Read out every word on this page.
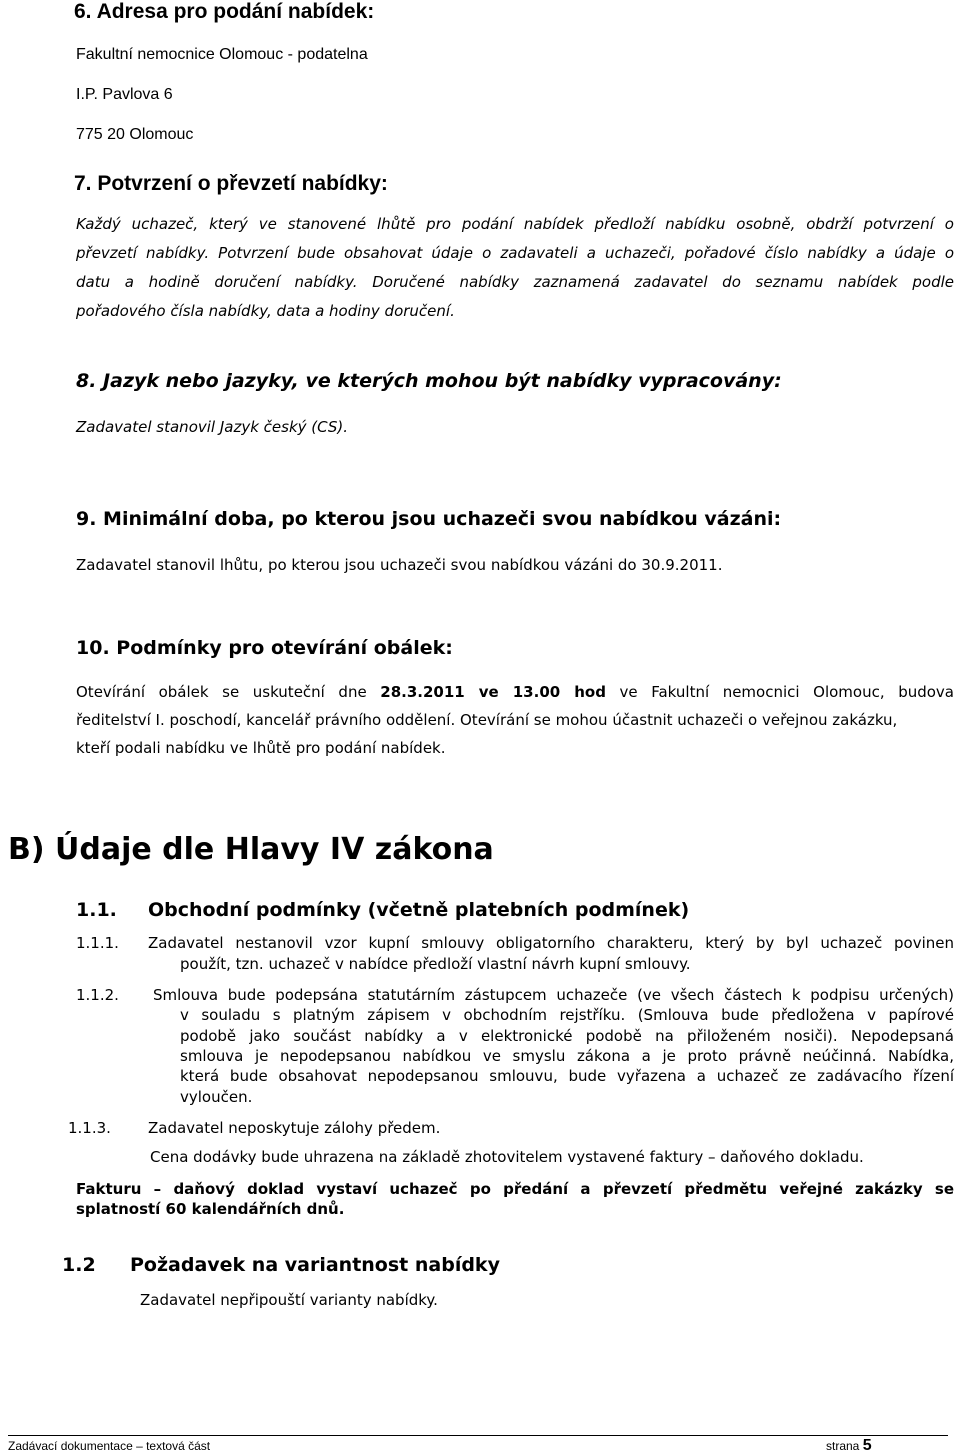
6. Adresa pro podání nabídek:
Fakultní nemocnice Olomouc - podatelna
I.P. Pavlova 6
775 20 Olomouc
7. Potvrzení o převzetí nabídky:
Každý uchazeč, který ve stanovené lhůtě pro podání nabídek předloží nabídku osobně, obdrží potvrzení o
převzetí nabídky. Potvrzení bude obsahovat údaje o zadavateli a uchazeči, pořadové číslo nabídky a údaje o
datu a hodině doručení nabídky. Doručené nabídky zaznamená zadavatel do seznamu nabídek podle
pořadového čísla nabídky, data a hodiny doručení.
8. Jazyk nebo jazyky, ve kterých mohou být nabídky vypracovány:
Zadavatel stanovil Jazyk český (CS).
9. Minimální doba, po kterou jsou uchazeči svou nabídkou vázáni:
Zadavatel stanovil lhůtu, po kterou jsou uchazeči svou nabídkou vázáni do 30.9.2011.
10. Podmínky pro otevírání obálek:
Otevírání obálek se uskuteční dne 28.3.2011 ve 13.00 hod ve Fakultní nemocnici Olomouc, budova
ředitelství I. poschodí, kancelář právního oddělení. Otevírání se mohou účastnit uchazeči o veřejnou zakázku,
kteří podali nabídku ve lhůtě pro podání nabídek.
B) Údaje dle Hlavy IV zákona
1.1. Obchodní podmínky (včetně platebních podmínek)
1.1.1. Zadavatel nestanovil vzor kupní smlouvy obligatorního charakteru, který by byl uchazeč povinen
použít, tzn. uchazeč v nabídce předloží vlastní návrh kupní smlouvy.
1.1.2. Smlouva bude podepsána statutárním zástupcem uchazeče (ve všech částech k podpisu určených)
v souladu s platným zápisem v obchodním rejstříku. (Smlouva bude předložena v papírové
podobě jako součást nabídky a v elektronické podobě na přiloženém nosiči). Nepodepsaná
smlouva je nepodepsanou nabídkou ve smyslu zákona a je proto právně neúčinná. Nabídka,
která bude obsahovat nepodepsanou smlouvu, bude vyřazena a uchazeč ze zadávacího řízení
vyloučen.
1.1.3. Zadavatel neposkytuje zálohy předem.
Cena dodávky bude uhrazena na základě zhotovitelem vystavené faktury – daňového dokladu.
Fakturu – daňový doklad vystaví uchazeč po předání a převzetí předmětu veřejné zakázky se
splatností 60 kalendářních dnů.
1.2 Požadavek na variantnost nabídky
Zadavatel nepřipouští varianty nabídky.
Zadávací dokumentace – textová část	strana 5
